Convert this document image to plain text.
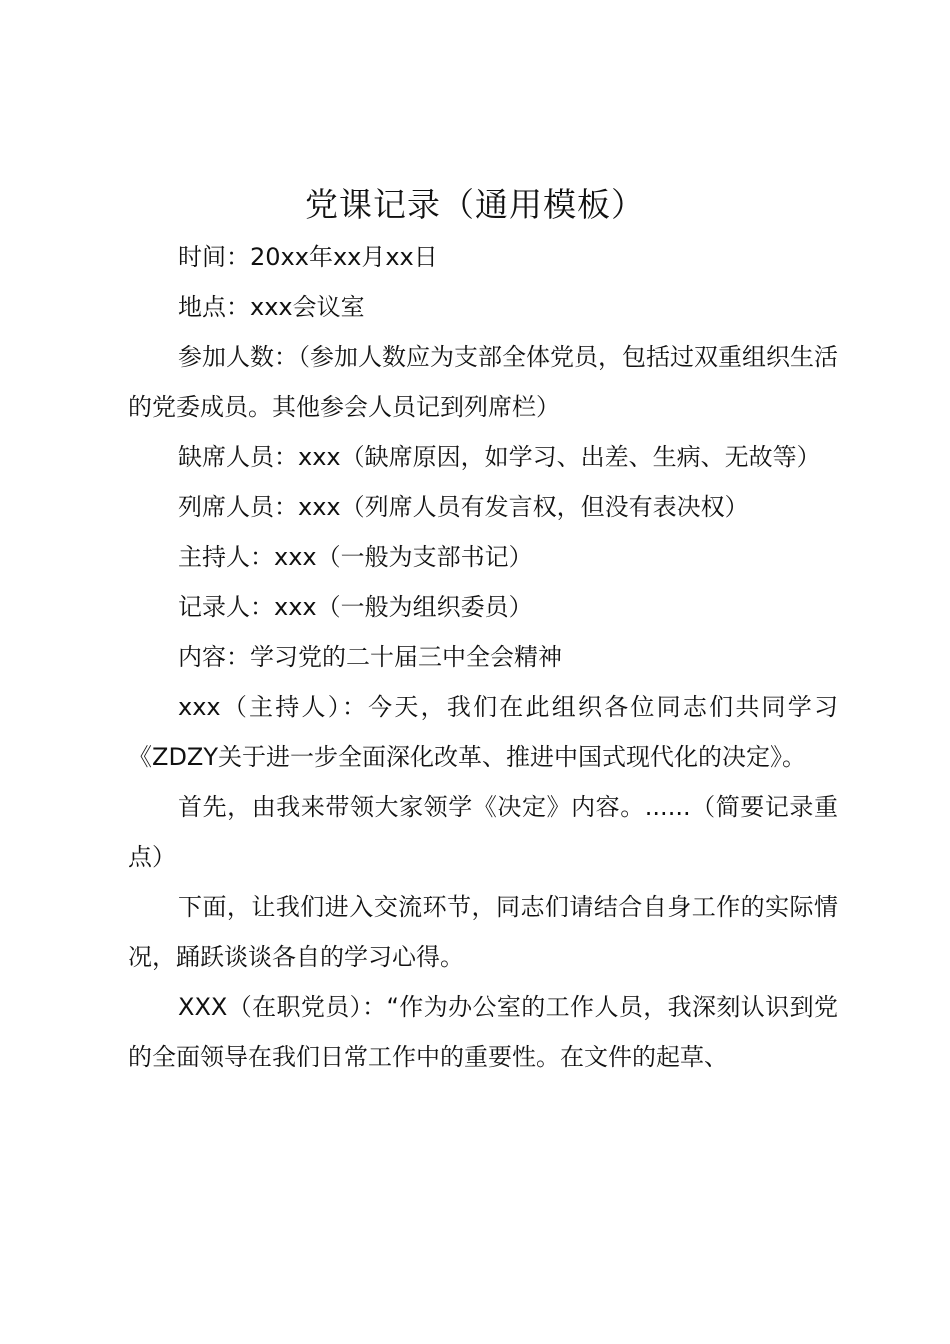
党课记录（通用模板）

时间：20xx年xx月xx日

地点：xxx会议室

参加人数：（参加人数应为支部全体党员，包括过双重组织生活的党委成员。其他参会人员记到列席栏）

缺席人员：xxx（缺席原因，如学习、出差、生病、无故等）

列席人员：xxx（列席人员有发言权，但没有表决权）

主持人：xxx（一般为支部书记）

记录人：xxx（一般为组织委员）

内容：学习党的二十届三中全会精神

xxx（主持人）：今天，我们在此组织各位同志们共同学习《ZDZY关于进一步全面深化改革、推进中国式现代化的决定》。

首先，由我来带领大家领学《决定》内容。......（简要记录重点）

下面，让我们进入交流环节，同志们请结合自身工作的实际情况，踊跃谈谈各自的学习心得。

XXX（在职党员）：“作为办公室的工作人员，我深刻认识到党的全面领导在我们日常工作中的重要性。在文件的起草、
